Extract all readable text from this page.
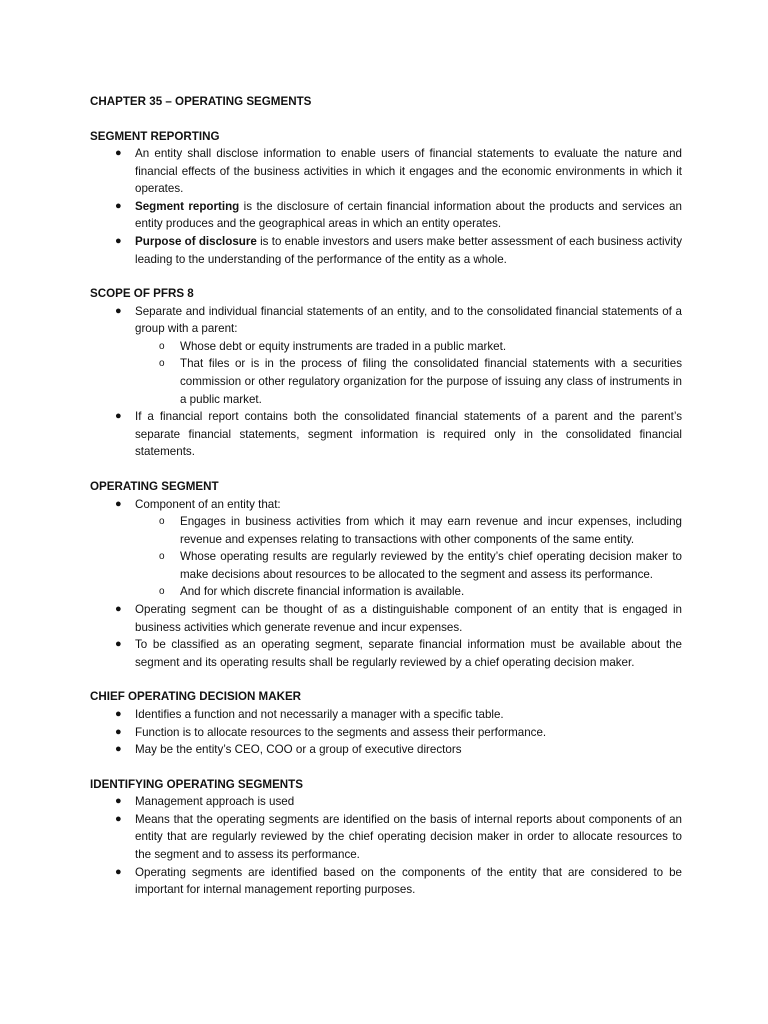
CHAPTER 35 – OPERATING SEGMENTS
SEGMENT REPORTING
● An entity shall disclose information to enable users of financial statements to evaluate the nature and financial effects of the business activities in which it engages and the economic environments in which it operates.
● Segment reporting is the disclosure of certain financial information about the products and services an entity produces and the geographical areas in which an entity operates.
● Purpose of disclosure is to enable investors and users make better assessment of each business activity leading to the understanding of the performance of the entity as a whole.
SCOPE OF PFRS 8
● Separate and individual financial statements of an entity, and to the consolidated financial statements of a group with a parent:
o Whose debt or equity instruments are traded in a public market.
o That files or is in the process of filing the consolidated financial statements with a securities commission or other regulatory organization for the purpose of issuing any class of instruments in a public market.
● If a financial report contains both the consolidated financial statements of a parent and the parent’s separate financial statements, segment information is required only in the consolidated financial statements.
OPERATING SEGMENT
● Component of an entity that:
o Engages in business activities from which it may earn revenue and incur expenses, including revenue and expenses relating to transactions with other components of the same entity.
o Whose operating results are regularly reviewed by the entity’s chief operating decision maker to make decisions about resources to be allocated to the segment and assess its performance.
o And for which discrete financial information is available.
● Operating segment can be thought of as a distinguishable component of an entity that is engaged in business activities which generate revenue and incur expenses.
● To be classified as an operating segment, separate financial information must be available about the segment and its operating results shall be regularly reviewed by a chief operating decision maker.
CHIEF OPERATING DECISION MAKER
● Identifies a function and not necessarily a manager with a specific table.
● Function is to allocate resources to the segments and assess their performance.
● May be the entity’s CEO, COO or a group of executive directors
IDENTIFYING OPERATING SEGMENTS
● Management approach is used
● Means that the operating segments are identified on the basis of internal reports about components of an entity that are regularly reviewed by the chief operating decision maker in order to allocate resources to the segment and to assess its performance.
● Operating segments are identified based on the components of the entity that are considered to be important for internal management reporting purposes.
